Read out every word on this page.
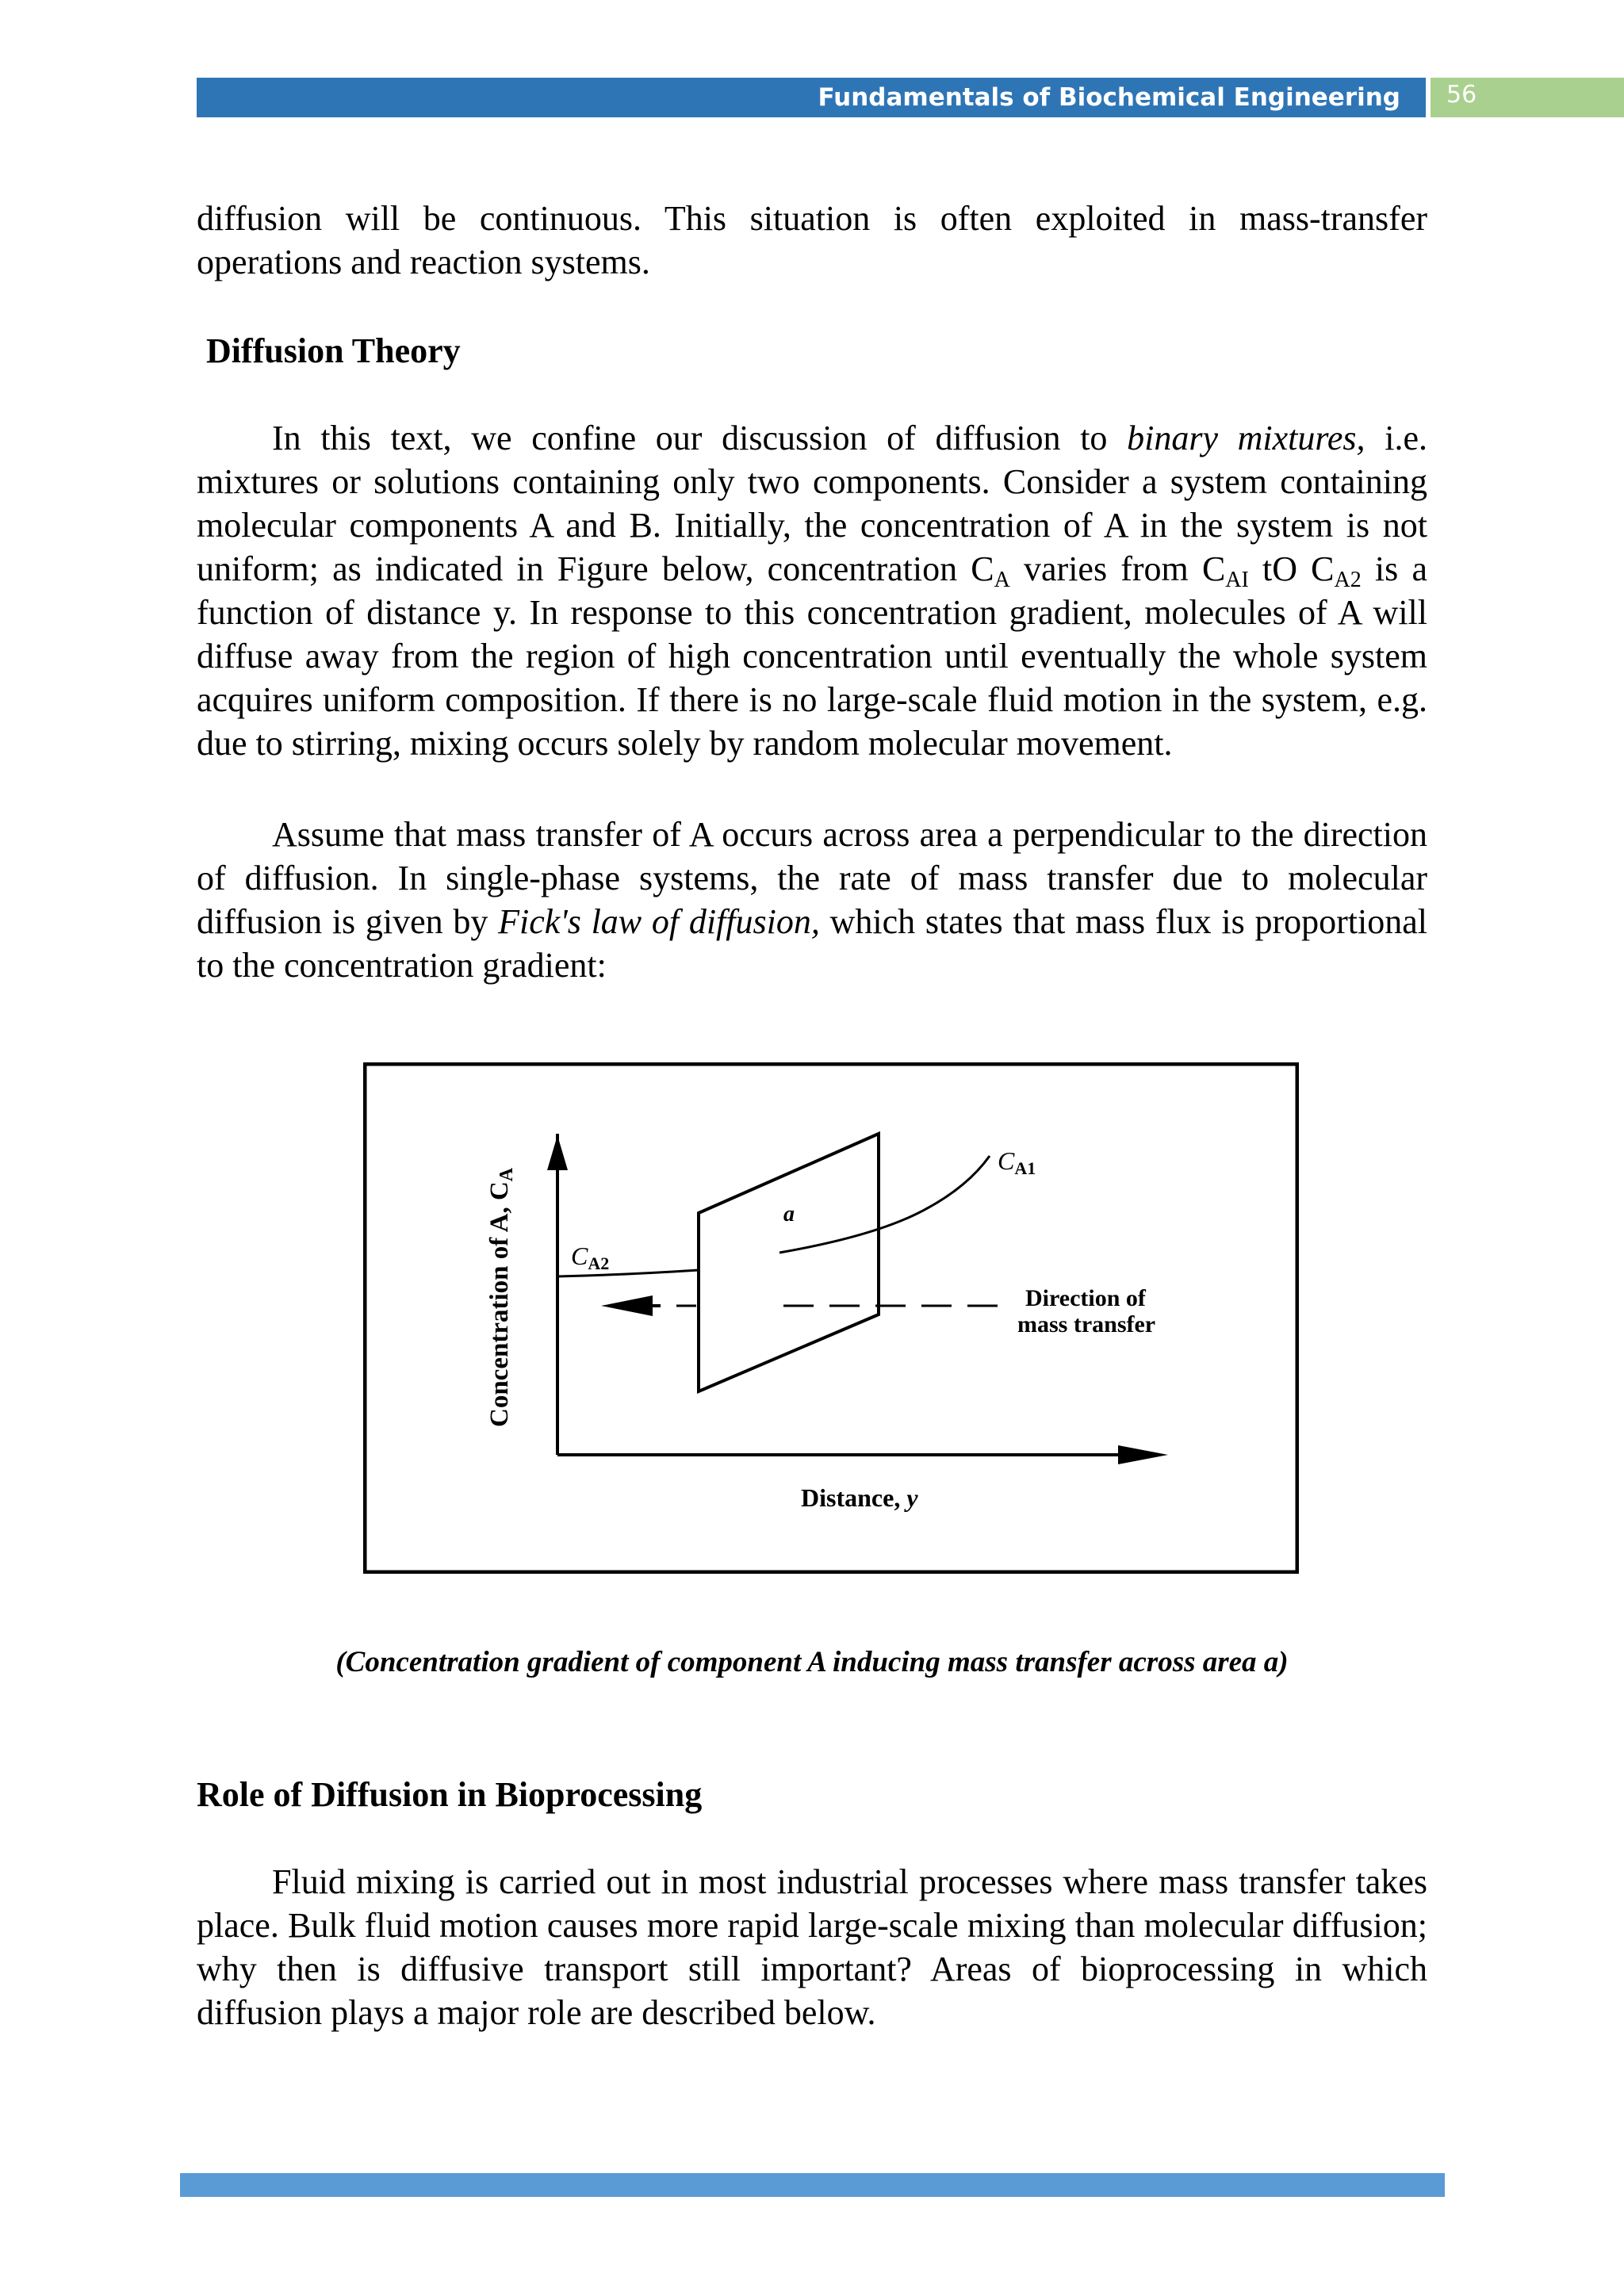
Fundamentals of Biochemical Engineering 56
diffusion will be continuous. This situation is often exploited in mass-transfer operations and reaction systems.
Diffusion Theory
In this text, we confine our discussion of diffusion to binary mixtures, i.e. mixtures or solutions containing only two components. Consider a system containing molecular components A and B. Initially, the concentration of A in the system is not uniform; as indicated in Figure below, concentration $C_A$ varies from $C_{AI}$ tO $C_{A2}$ is a function of distance y. In response to this concentration gradient, molecules of A will diffuse away from the region of high concentration until eventually the whole system acquires uniform composition. If there is no large-scale fluid motion in the system, e.g. due to stirring, mixing occurs solely by random molecular movement.
Assume that mass transfer of A occurs across area a perpendicular to the direction of diffusion. In single-phase systems, the rate of mass transfer due to molecular diffusion is given by Fick's law of diffusion, which states that mass flux is proportional to the concentration gradient:
Concentration of A, CA
Distance, y
CA1
CA2
a
Direction of
mass transfer
(Concentration gradient of component A inducing mass transfer across area a)
Role of Diffusion in Bioprocessing
Fluid mixing is carried out in most industrial processes where mass transfer takes place. Bulk fluid motion causes more rapid large-scale mixing than molecular diffusion; why then is diffusive transport still important? Areas of bioprocessing in which diffusion plays a major role are described below.
